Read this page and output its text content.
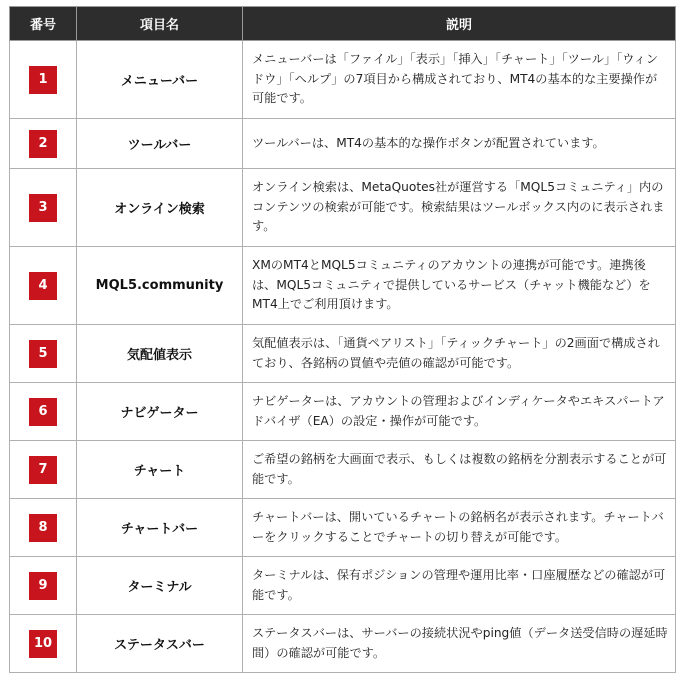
番号	項目名	説明
1	メニューバー	メニューバーは「ファイル」「表示」「挿入」「チャート」「ツール」「ウィンドウ」「ヘルプ」の7項目から構成されており、MT4の基本的な主要操作が可能です。
2	ツールバー	ツールバーは、MT4の基本的な操作ボタンが配置されています。
3	オンライン検索	オンライン検索は、MetaQuotes社が運営する「MQL5コミュニティ」内のコンテンツの検索が可能です。検索結果はツールボックス内のに表示されます。
4	MQL5.community	XMのMT4とMQL5コミュニティのアカウントの連携が可能です。連携後は、MQL5コミュニティで提供しているサービス（チャット機能など）をMT4上でご利用頂けます。
5	気配値表示	気配値表示は、「通貨ペアリスト」「ティックチャート」の2画面で構成されており、各銘柄の買値や売値の確認が可能です。
6	ナビゲーター	ナビゲーターは、アカウントの管理およびインディケータやエキスパートアドバイザ（EA）の設定・操作が可能です。
7	チャート	ご希望の銘柄を大画面で表示、もしくは複数の銘柄を分割表示することが可能です。
8	チャートバー	チャートバーは、開いているチャートの銘柄名が表示されます。チャートバーをクリックすることでチャートの切り替えが可能です。
9	ターミナル	ターミナルは、保有ポジションの管理や運用比率・口座履歴などの確認が可能です。
10	ステータスバー	ステータスバーは、サーバーの接続状況やping値（データ送受信時の遅延時間）の確認が可能です。
